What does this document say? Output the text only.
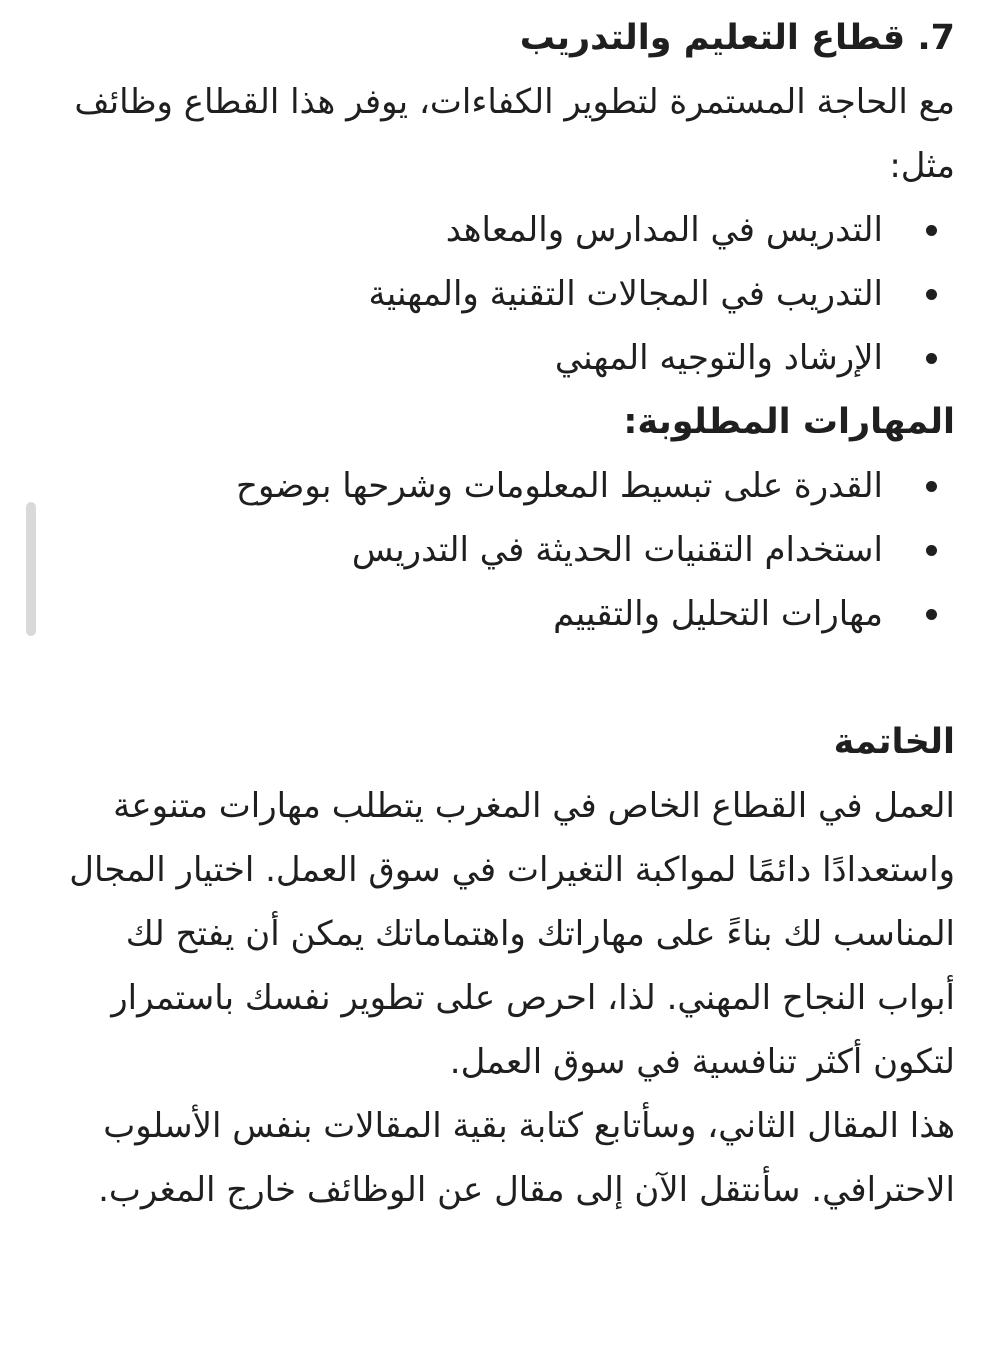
7. قطاع التعليم والتدريب

مع الحاجة المستمرة لتطوير الكفاءات، يوفر هذا القطاع وظائف مثل:

التدريس في المدارس والمعاهد
التدريب في المجالات التقنية والمهنية
الإرشاد والتوجيه المهني
المهارات المطلوبة:
القدرة على تبسيط المعلومات وشرحها بوضوح
استخدام التقنيات الحديثة في التدريس
مهارات التحليل والتقييم
الخاتمة

العمل في القطاع الخاص في المغرب يتطلب مهارات متنوعة واستعدادًا دائمًا لمواكبة التغيرات في سوق العمل. اختيار المجال المناسب لك بناءً على مهاراتك واهتماماتك يمكن أن يفتح لك أبواب النجاح المهني. لذا، احرص على تطوير نفسك باستمرار لتكون أكثر تنافسية في سوق العمل.

هذا المقال الثاني، وسأتابع كتابة بقية المقالات بنفس الأسلوب الاحترافي. سأنتقل الآن إلى مقال عن الوظائف خارج المغرب.
